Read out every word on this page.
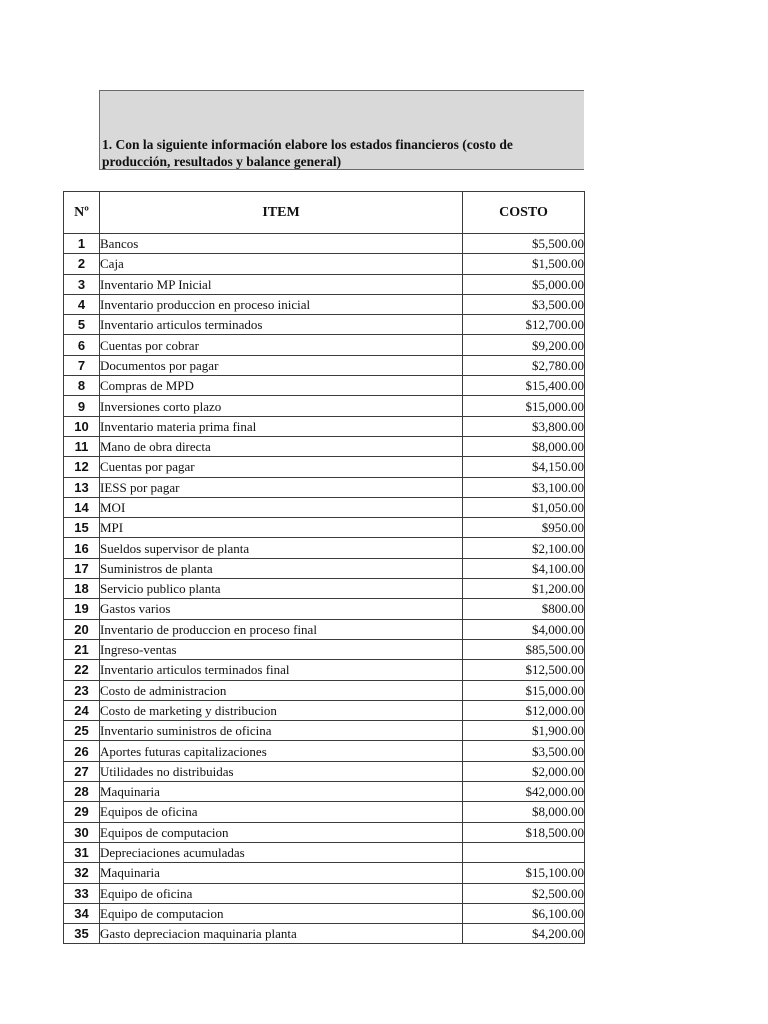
1. Con la siguiente información elabore los estados financieros (costo de
producción, resultados y balance general)
Nº	ITEM	COSTO
1	Bancos	$5,500.00
2	Caja	$1,500.00
3	Inventario MP Inicial	$5,000.00
4	Inventario produccion en proceso inicial	$3,500.00
5	Inventario articulos terminados	$12,700.00
6	Cuentas por cobrar	$9,200.00
7	Documentos por pagar	$2,780.00
8	Compras de MPD	$15,400.00
9	Inversiones corto plazo	$15,000.00
10	Inventario materia prima final	$3,800.00
11	Mano de obra directa	$8,000.00
12	Cuentas por pagar	$4,150.00
13	IESS por pagar	$3,100.00
14	MOI	$1,050.00
15	MPI	$950.00
16	Sueldos supervisor de planta	$2,100.00
17	Suministros de planta	$4,100.00
18	Servicio publico planta	$1,200.00
19	Gastos varios	$800.00
20	Inventario de produccion en proceso final	$4,000.00
21	Ingreso-ventas	$85,500.00
22	Inventario articulos terminados final	$12,500.00
23	Costo de administracion	$15,000.00
24	Costo de marketing y distribucion	$12,000.00
25	Inventario suministros de oficina	$1,900.00
26	Aportes futuras capitalizaciones	$3,500.00
27	Utilidades no distribuidas	$2,000.00
28	Maquinaria	$42,000.00
29	Equipos de oficina	$8,000.00
30	Equipos de computacion	$18,500.00
31	Depreciaciones acumuladas	
32	Maquinaria	$15,100.00
33	Equipo de oficina	$2,500.00
34	Equipo de computacion	$6,100.00
35	Gasto depreciacion maquinaria planta	$4,200.00
